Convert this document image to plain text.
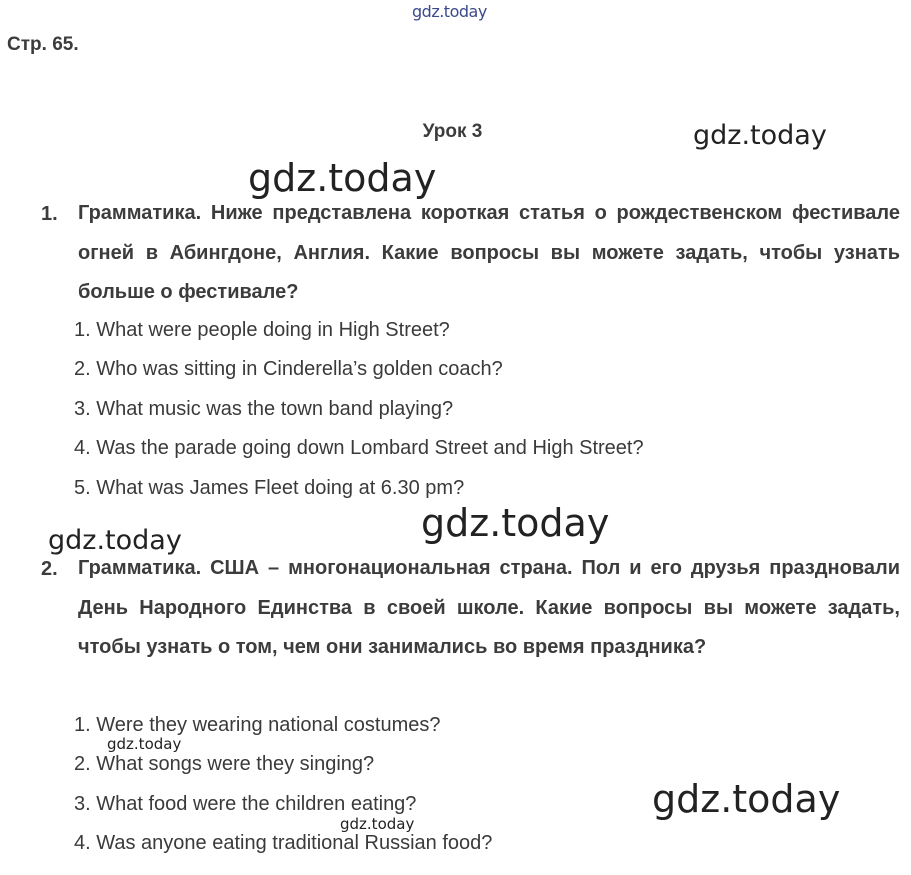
gdz.today
gdz.today
gdz.today
gdz.today
gdz.today
gdz.today
gdz.today
gdz.today
Стр. 65.
Урок 3
1. Грамматика. Ниже представлена короткая статья о рождественском фестивале огней в Абингдоне, Англия. Какие вопросы вы можете задать, чтобы узнать больше о фестивале?
1. What were people doing in High Street?
2. Who was sitting in Cinderella’s golden coach?
3. What music was the town band playing?
4. Was the parade going down Lombard Street and High Street?
5. What was James Fleet doing at 6.30 pm?
2. Грамматика. США – многонациональная страна. Пол и его друзья праздновали День Народного Единства в своей школе. Какие вопросы вы можете задать, чтобы узнать о том, чем они занимались во время праздника?
1. Were they wearing national costumes?
2. What songs were they singing?
3. What food were the children eating?
4. Was anyone eating traditional Russian food?
